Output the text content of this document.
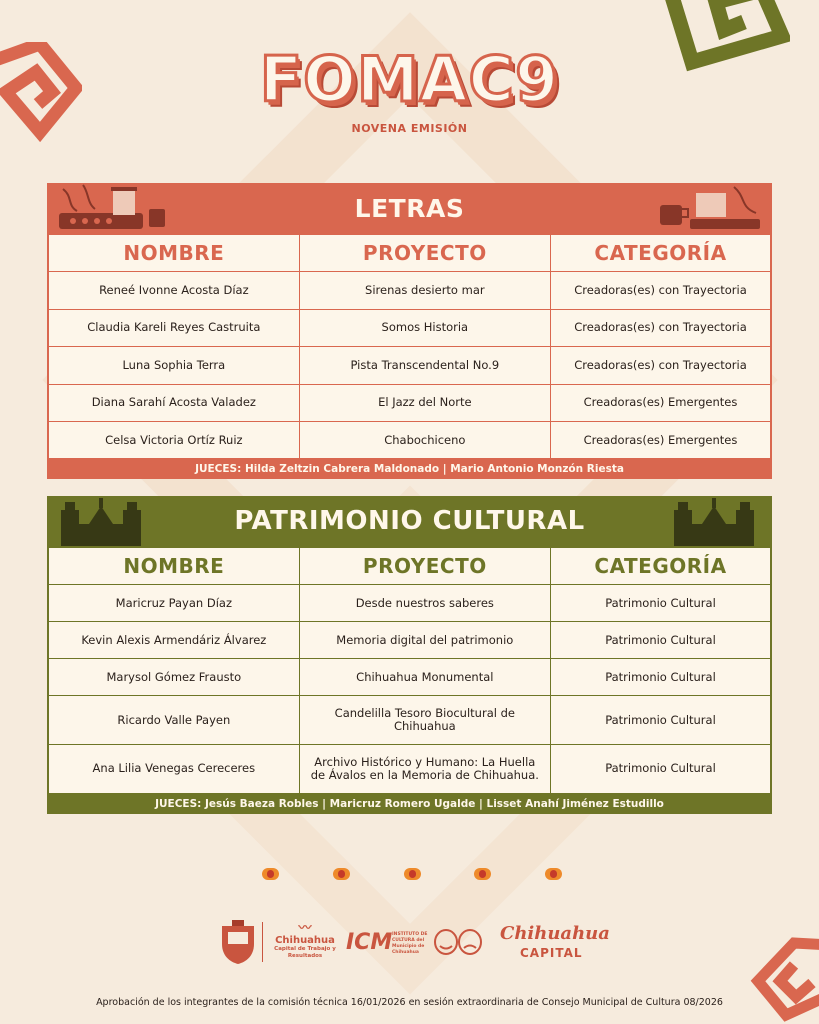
FOMAC9
NOVENA EMISIÓN
LETRAS
NOMBRE	PROYECTO	CATEGORÍA
Reneé Ivonne Acosta Díaz	Sirenas desierto mar	Creadoras(es) con Trayectoria
Claudia Kareli Reyes Castruita	Somos Historia	Creadoras(es) con Trayectoria
Luna Sophia Terra	Pista Transcendental No.9	Creadoras(es) con Trayectoria
Diana Sarahí Acosta Valadez	El Jazz del Norte	Creadoras(es) Emergentes
Celsa Victoria Ortíz Ruiz	Chabochiceno	Creadoras(es) Emergentes
JUECES: Hilda Zeltzin Cabrera Maldonado | Mario Antonio Monzón Riesta
PATRIMONIO CULTURAL
NOMBRE	PROYECTO	CATEGORÍA
Maricruz Payan Díaz	Desde nuestros saberes	Patrimonio Cultural
Kevin Alexis Armendáriz Álvarez	Memoria digital del patrimonio	Patrimonio Cultural
Marysol Gómez Frausto	Chihuahua Monumental	Patrimonio Cultural
Ricardo Valle Payen	Candelilla Tesoro Biocultural de Chihuahua	Patrimonio Cultural
Ana Lilia Venegas Cereceres	Archivo Histórico y Humano: La Huella de Ávalos en la Memoria de Chihuahua.	Patrimonio Cultural
JUECES: Jesús Baeza Robles | Maricruz Romero Ugalde | Lisset Anahí Jiménez Estudillo
〰
Chihuahua
Capital de Trabajo y Resultados
ICM INSTITUTO DE CULTURA del Municipio de Chihuahua
Chihuahua
CAPITAL
Aprobación de los integrantes de la comisión técnica 16/01/2026 en sesión extraordinaria de Consejo Municipal de Cultura 08/2026
